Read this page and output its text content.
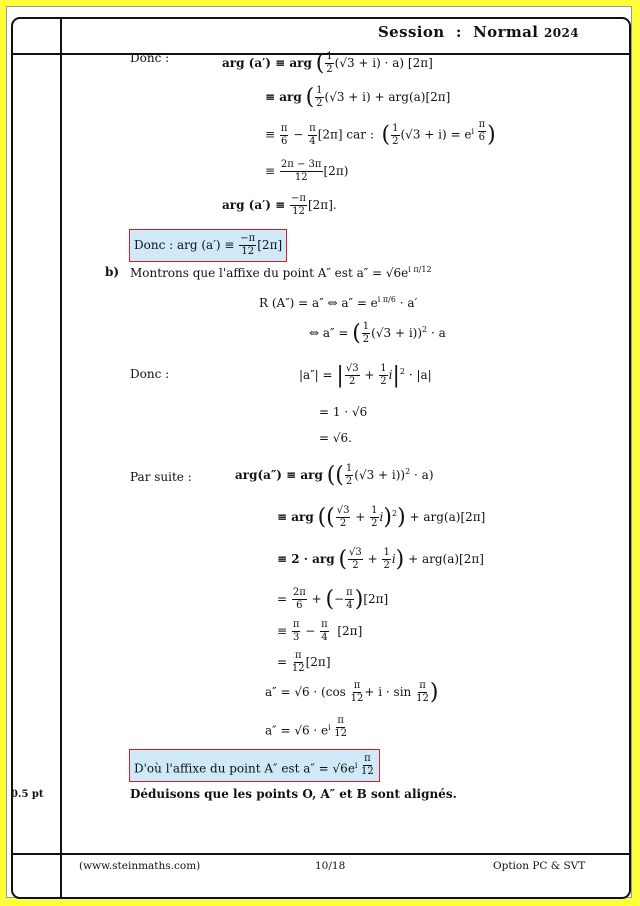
Session : Normal 2024
Donc :	arg (a′) ≡ arg ( $\frac{1}{2} (√3 + i) \cdot a$) [2π]
≡ arg ( $\frac{1}{2} (√3 + i) + arg(a)[2\pi]$
≡ $\frac{\pi}{6} - \frac{\pi}{4} [2\pi]$ car : ( $\frac{1}{2} (√3 + i) = e^{i \frac{\pi}{6}}$ )
≡ $\frac{2\pi - 3\pi}{12} [2\pi)$
arg $(a') \equiv \frac{-\pi}{12} [2\pi]$.
Donc : arg $(a') \equiv \frac{-\pi}{12} [2\pi]$
b) Montrons que l'affixe du point A″ est $a'' = √6e^{i \pi/12}$
R (A″) = a″ ⇔ $a'' = e^{i \pi/6} \cdot a'$
⇔ a″ = ( $\frac{1}{2} (√3 + i))^2 \cdot a$
Donc :	|a″| = | $\frac{√3}{2} + \frac{1}{2} i|^2 \cdot |a|$
= 1 · √6
= √6.
Par suite :	arg(a″) ≡ arg (( $\frac{1}{2} (√3 + i))^2 \cdot a$)
≡ arg (( $\frac{√3}{2} + \frac{1}{2} i)^2) + arg(a)[2\pi]$
≡ 2 · arg ( $\frac{√3}{2} + \frac{1}{2} i) + arg(a)[2\pi]$
= $\frac{2\pi}{6}$ + (− $\frac{\pi}{4} )[2\pi]$
≡ $\frac{\pi}{3} - \frac{\pi}{4} [2\pi]$
= $\frac{\pi}{12} [2\pi]$
$a'' = √6 \cdot (\cos \frac{\pi}{12} + i \cdot \sin \frac{\pi}{12}$ )
$a'' = √6 \cdot e^{i \frac{\pi}{12}}$
D'où l'affixe du point A″ est $a'' = √6e^{i \frac{\pi}{12}}$
0.5 pt	Déduisons que les points O, A″ et B sont alignés.
(www.steinmaths.com)	10/18	Option PC & SVT
